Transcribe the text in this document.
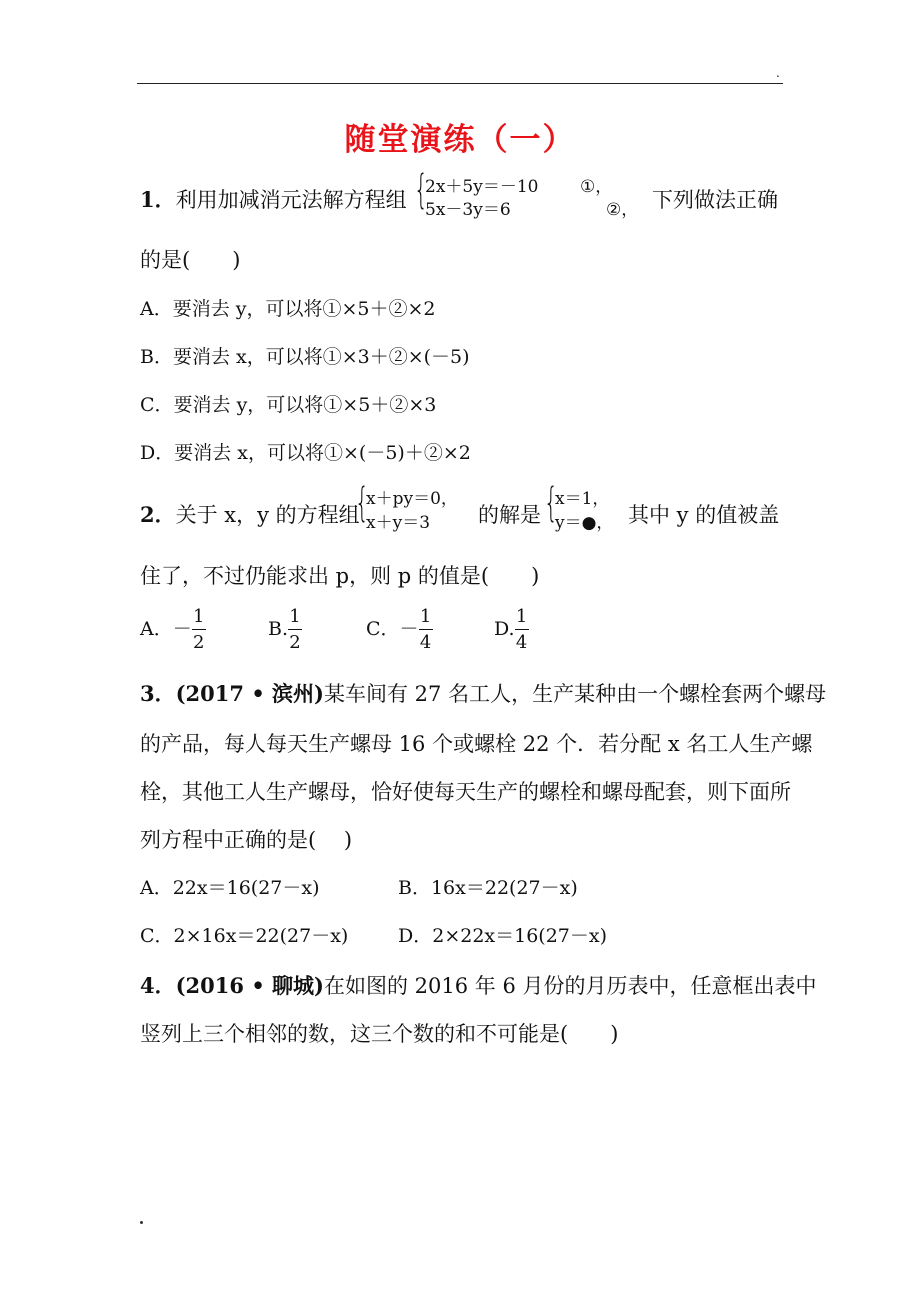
.
随堂演练（一）
1．利用加减消元法解方程组 {
2x＋5y＝－10
5x－3y＝6
①，
②， 下列做法正确
的是(　　)
A．要消去 y，可以将①×5＋②×2
B．要消去 x，可以将①×3＋②×(－5)
C．要消去 y，可以将①×5＋②×3
D．要消去 x，可以将①×(－5)＋②×2
2．关于 x，y 的方程组
{
x＋py＝0，
x＋y＝3 的解是 {
x＝1，
y＝●， 其中 y 的值被盖
住了，不过仍能求出 p，则 p 的值是(　　)
A．－ $\frac{1}{2}$	B. $\frac{1}{2}$	C．－ $\frac{1}{4}$	D. $\frac{1}{4}$
3．(2017 • 滨州)某车间有 27 名工人，生产某种由一个螺栓套两个螺母
的产品，每人每天生产螺母 16 个或螺栓 22 个．若分配 x 名工人生产螺
栓，其他工人生产螺母，恰好使每天生产的螺栓和螺母配套，则下面所
列方程中正确的是(　 )
A．22x＝16(27－x)	B．16x＝22(27－x)
C．2×16x＝22(27－x)	D．2×22x＝16(27－x)
4．(2016 • 聊城)在如图的 2016 年 6 月份的月历表中，任意框出表中
竖列上三个相邻的数，这三个数的和不可能是(　　)
